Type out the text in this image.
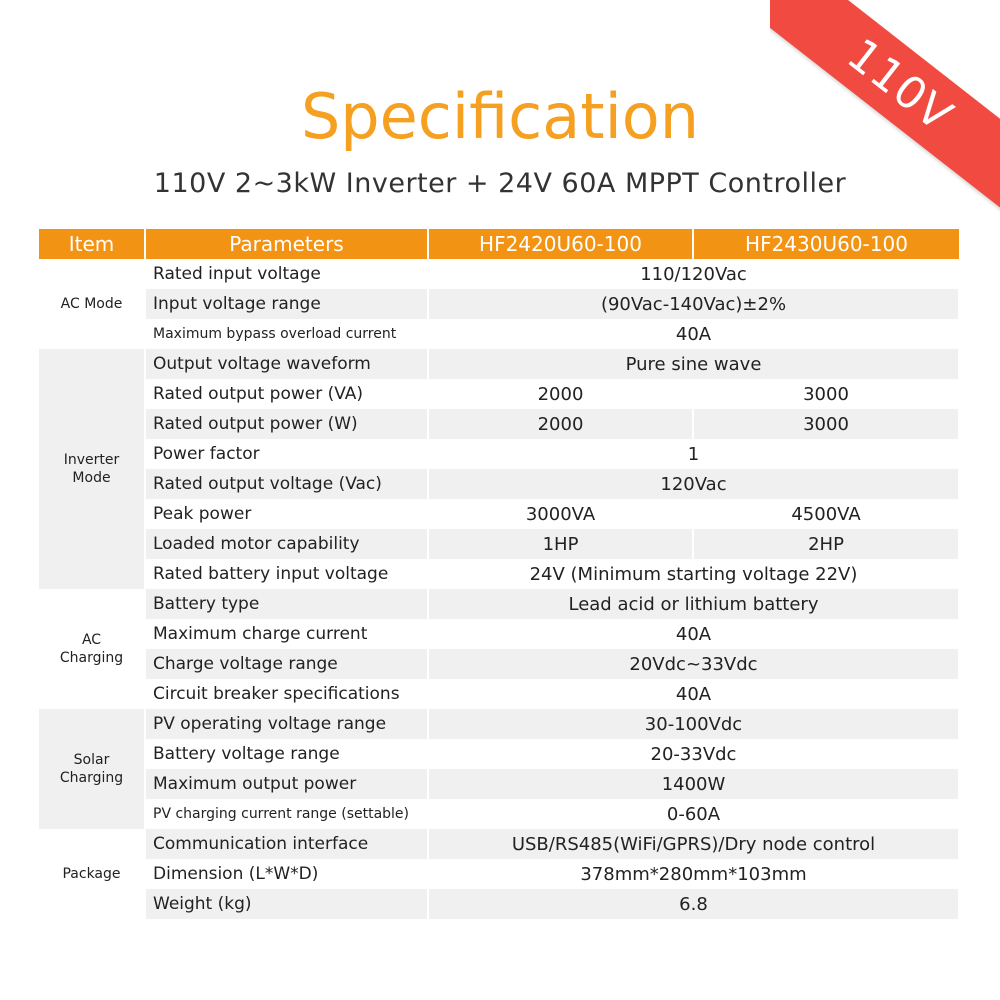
110V
Specification
110V 2~3kW Inverter + 24V 60A MPPT Controller
Item	Parameters	HF2420U60-100	HF2430U60-100
AC Mode	Rated input voltage	110/120Vac	
	Input voltage range	(90Vac-140Vac)±2%	
	Maximum bypass overload current	40A	
Inverter
Mode	Output voltage waveform	Pure sine wave	
	Rated output power (VA)	2000	3000
	Rated output power (W)	2000	3000
	Power factor	1	
	Rated output voltage (Vac)	120Vac	
	Peak power	3000VA	4500VA
	Loaded motor capability	1HP	2HP
	Rated battery input voltage	24V (Minimum starting voltage 22V)	
AC
Charging	Battery type	Lead acid or lithium battery	
	Maximum charge current	40A	
	Charge voltage range	20Vdc~33Vdc	
	Circuit breaker specifications	40A	
Solar
Charging	PV operating voltage range	30-100Vdc	
	Battery voltage range	20-33Vdc	
	Maximum output power	1400W	
	PV charging current range (settable)	0-60A	
Package	Communication interface	USB/RS485(WiFi/GPRS)/Dry node control	
	Dimension (L*W*D)	378mm*280mm*103mm	
	Weight (kg)	6.8	
